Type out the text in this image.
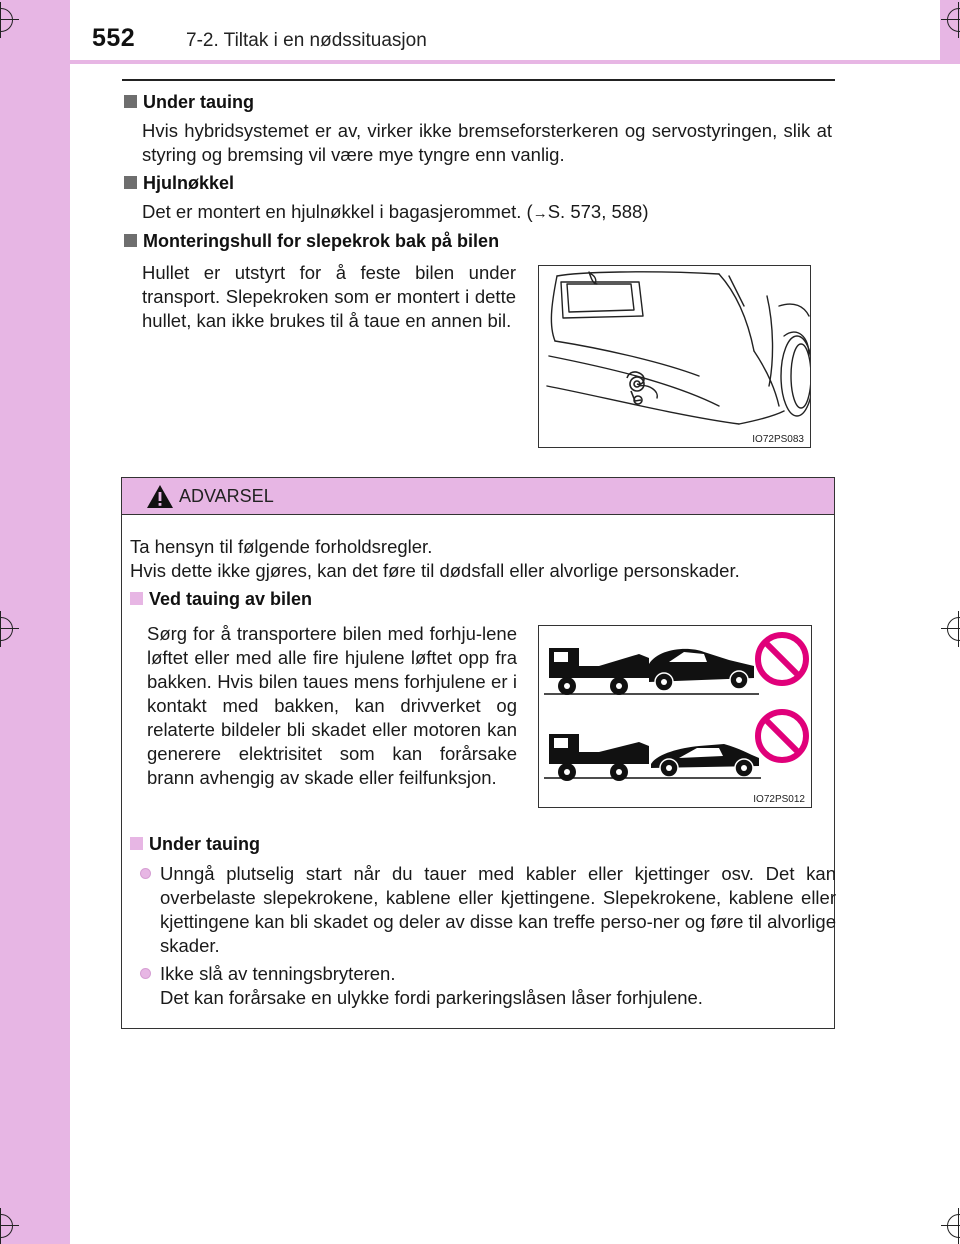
552	7-2. Tiltak i en nødssituasjon
Under tauing
Hvis hybridsystemet er av, virker ikke bremseforsterkeren og servostyringen, slik at styring og bremsing vil være mye tyngre enn vanlig.
Hjulnøkkel
Det er montert en hjulnøkkel i bagasjerommet. (→S. 573, 588)
Monteringshull for slepekrok bak på bilen
Hullet er utstyrt for å feste bilen under transport. Slepekroken som er montert i dette hullet, kan ikke brukes til å taue en annen bil.
IO72PS083
ADVARSEL
Ta hensyn til følgende forholdsregler.
Hvis dette ikke gjøres, kan det føre til dødsfall eller alvorlige personskader.
Ved tauing av bilen
Sørg for å transportere bilen med forhju-lene løftet eller med alle fire hjulene løftet opp fra bakken. Hvis bilen taues mens forhjulene er i kontakt med bakken, kan drivverket og relaterte bildeler bli skadet eller motoren kan generere elektrisitet som kan forårsake brann avhengig av skade eller feilfunksjon.
IO72PS012
Under tauing
Unngå plutselig start når du tauer med kabler eller kjettinger osv. Det kan overbelaste slepekrokene, kablene eller kjettingene. Slepekrokene, kablene eller kjettingene kan bli skadet og deler av disse kan treffe perso-ner og føre til alvorlige skader.
Ikke slå av tenningsbryteren.
Det kan forårsake en ulykke fordi parkeringslåsen låser forhjulene.
